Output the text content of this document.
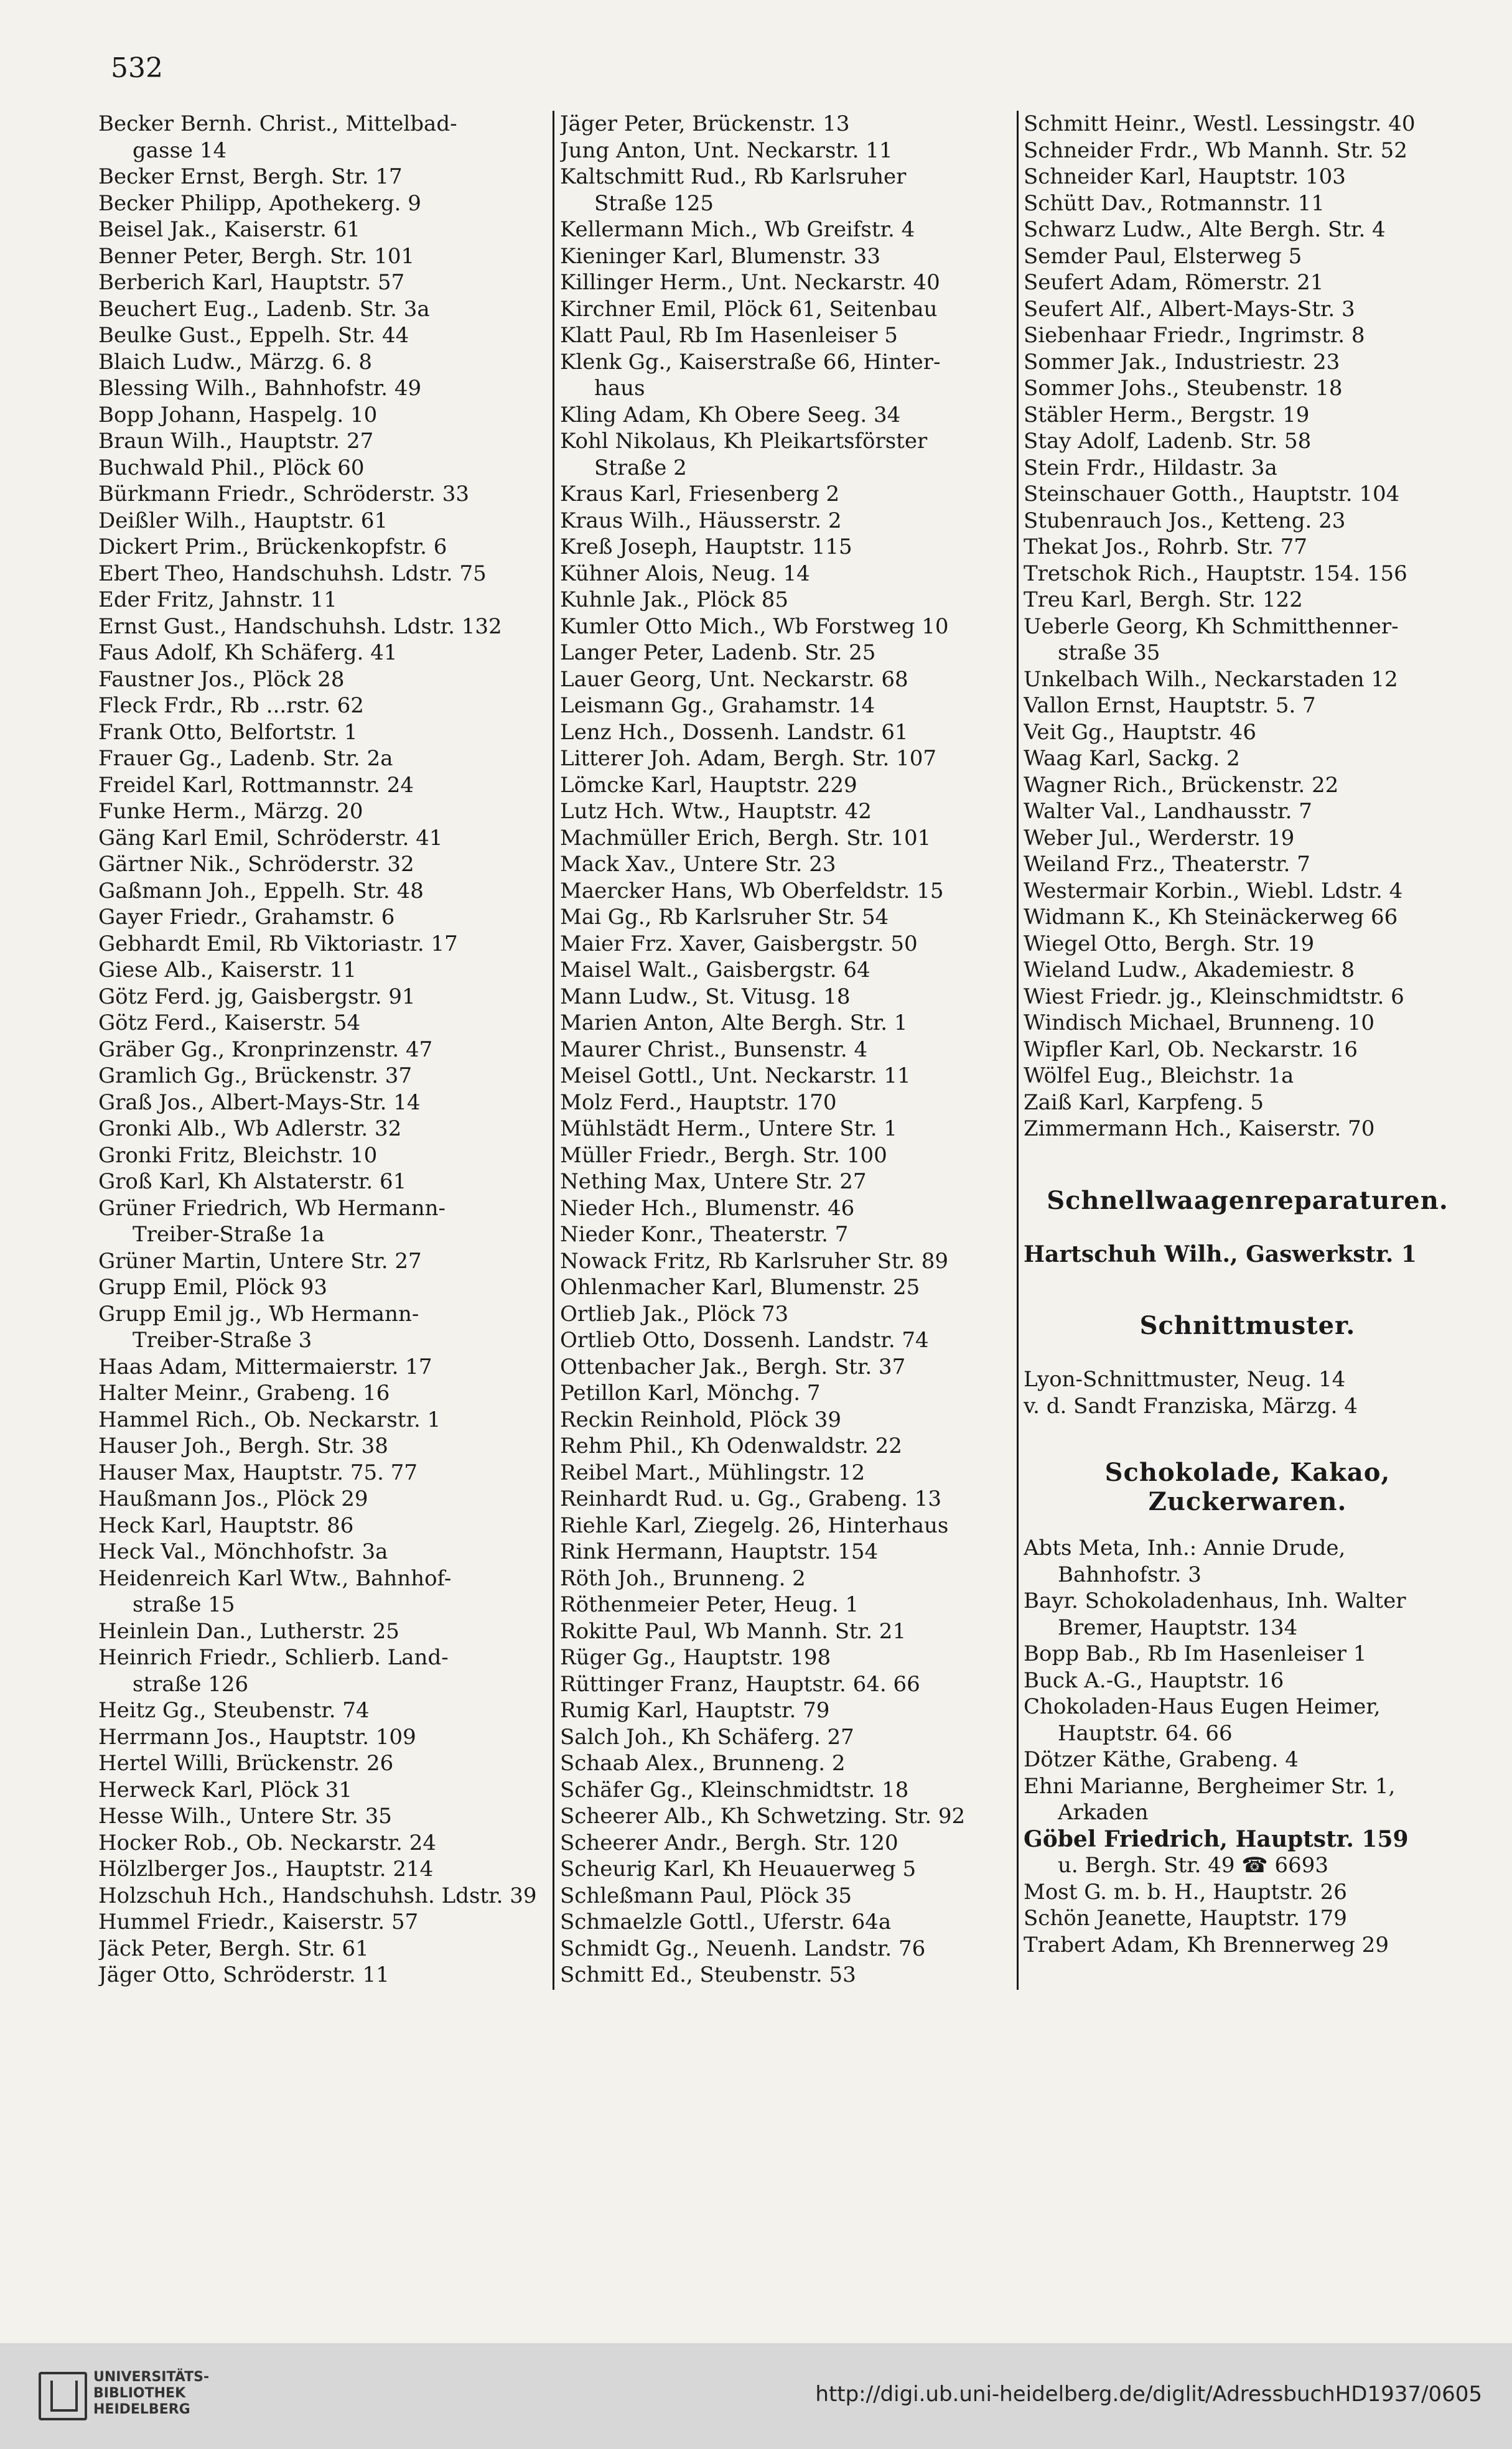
532
Becker Bernh. Christ., Mittelbad-
gasse 14
Becker Ernst, Bergh. Str. 17
Becker Philipp, Apothekerg. 9
Beisel Jak., Kaiserstr. 61
Benner Peter, Bergh. Str. 101
Berberich Karl, Hauptstr. 57
Beuchert Eug., Ladenb. Str. 3a
Beulke Gust., Eppelh. Str. 44
Blaich Ludw., Märzg. 6. 8
Blessing Wilh., Bahnhofstr. 49
Bopp Johann, Haspelg. 10
Braun Wilh., Hauptstr. 27
Buchwald Phil., Plöck 60
Bürkmann Friedr., Schröderstr. 33
Deißler Wilh., Hauptstr. 61
Dickert Prim., Brückenkopfstr. 6
Ebert Theo, Handschuhsh. Ldstr. 75
Eder Fritz, Jahnstr. 11
Ernst Gust., Handschuhsh. Ldstr. 132
Faus Adolf, Kh Schäferg. 41
Faustner Jos., Plöck 28
Fleck Frdr., Rb ...rstr. 62
Frank Otto, Belfortstr. 1
Frauer Gg., Ladenb. Str. 2a
Freidel Karl, Rottmannstr. 24
Funke Herm., Märzg. 20
Gäng Karl Emil, Schröderstr. 41
Gärtner Nik., Schröderstr. 32
Gaßmann Joh., Eppelh. Str. 48
Gayer Friedr., Grahamstr. 6
Gebhardt Emil, Rb Viktoriastr. 17
Giese Alb., Kaiserstr. 11
Götz Ferd. jg, Gaisbergstr. 91
Götz Ferd., Kaiserstr. 54
Gräber Gg., Kronprinzenstr. 47
Gramlich Gg., Brückenstr. 37
Graß Jos., Albert-Mays-Str. 14
Gronki Alb., Wb Adlerstr. 32
Gronki Fritz, Bleichstr. 10
Groß Karl, Kh Alstaterstr. 61
Grüner Friedrich, Wb Hermann-
Treiber-Straße 1a
Grüner Martin, Untere Str. 27
Grupp Emil, Plöck 93
Grupp Emil jg., Wb Hermann-
Treiber-Straße 3
Haas Adam, Mittermaierstr. 17
Halter Meinr., Grabeng. 16
Hammel Rich., Ob. Neckarstr. 1
Hauser Joh., Bergh. Str. 38
Hauser Max, Hauptstr. 75. 77
Haußmann Jos., Plöck 29
Heck Karl, Hauptstr. 86
Heck Val., Mönchhofstr. 3a
Heidenreich Karl Wtw., Bahnhof-
straße 15
Heinlein Dan., Lutherstr. 25
Heinrich Friedr., Schlierb. Land-
straße 126
Heitz Gg., Steubenstr. 74
Herrmann Jos., Hauptstr. 109
Hertel Willi, Brückenstr. 26
Herweck Karl, Plöck 31
Hesse Wilh., Untere Str. 35
Hocker Rob., Ob. Neckarstr. 24
Hölzlberger Jos., Hauptstr. 214
Holzschuh Hch., Handschuhsh. Ldstr. 39
Hummel Friedr., Kaiserstr. 57
Jäck Peter, Bergh. Str. 61
Jäger Otto, Schröderstr. 11
Jäger Peter, Brückenstr. 13
Jung Anton, Unt. Neckarstr. 11
Kaltschmitt Rud., Rb Karlsruher
Straße 125
Kellermann Mich., Wb Greifstr. 4
Kieninger Karl, Blumenstr. 33
Killinger Herm., Unt. Neckarstr. 40
Kirchner Emil, Plöck 61, Seitenbau
Klatt Paul, Rb Im Hasenleiser 5
Klenk Gg., Kaiserstraße 66, Hinter-
haus
Kling Adam, Kh Obere Seeg. 34
Kohl Nikolaus, Kh Pleikartsförster
Straße 2
Kraus Karl, Friesenberg 2
Kraus Wilh., Häusserstr. 2
Kreß Joseph, Hauptstr. 115
Kühner Alois, Neug. 14
Kuhnle Jak., Plöck 85
Kumler Otto Mich., Wb Forstweg 10
Langer Peter, Ladenb. Str. 25
Lauer Georg, Unt. Neckarstr. 68
Leismann Gg., Grahamstr. 14
Lenz Hch., Dossenh. Landstr. 61
Litterer Joh. Adam, Bergh. Str. 107
Lömcke Karl, Hauptstr. 229
Lutz Hch. Wtw., Hauptstr. 42
Machmüller Erich, Bergh. Str. 101
Mack Xav., Untere Str. 23
Maercker Hans, Wb Oberfeldstr. 15
Mai Gg., Rb Karlsruher Str. 54
Maier Frz. Xaver, Gaisbergstr. 50
Maisel Walt., Gaisbergstr. 64
Mann Ludw., St. Vitusg. 18
Marien Anton, Alte Bergh. Str. 1
Maurer Christ., Bunsenstr. 4
Meisel Gottl., Unt. Neckarstr. 11
Molz Ferd., Hauptstr. 170
Mühlstädt Herm., Untere Str. 1
Müller Friedr., Bergh. Str. 100
Nething Max, Untere Str. 27
Nieder Hch., Blumenstr. 46
Nieder Konr., Theaterstr. 7
Nowack Fritz, Rb Karlsruher Str. 89
Ohlenmacher Karl, Blumenstr. 25
Ortlieb Jak., Plöck 73
Ortlieb Otto, Dossenh. Landstr. 74
Ottenbacher Jak., Bergh. Str. 37
Petillon Karl, Mönchg. 7
Reckin Reinhold, Plöck 39
Rehm Phil., Kh Odenwaldstr. 22
Reibel Mart., Mühlingstr. 12
Reinhardt Rud. u. Gg., Grabeng. 13
Riehle Karl, Ziegelg. 26, Hinterhaus
Rink Hermann, Hauptstr. 154
Röth Joh., Brunneng. 2
Röthenmeier Peter, Heug. 1
Rokitte Paul, Wb Mannh. Str. 21
Rüger Gg., Hauptstr. 198
Rüttinger Franz, Hauptstr. 64. 66
Rumig Karl, Hauptstr. 79
Salch Joh., Kh Schäferg. 27
Schaab Alex., Brunneng. 2
Schäfer Gg., Kleinschmidtstr. 18
Scheerer Alb., Kh Schwetzing. Str. 92
Scheerer Andr., Bergh. Str. 120
Scheurig Karl, Kh Heuauerweg 5
Schleßmann Paul, Plöck 35
Schmaelzle Gottl., Uferstr. 64a
Schmidt Gg., Neuenh. Landstr. 76
Schmitt Ed., Steubenstr. 53
Schmitt Heinr., Westl. Lessingstr. 40
Schneider Frdr., Wb Mannh. Str. 52
Schneider Karl, Hauptstr. 103
Schütt Dav., Rotmannstr. 11
Schwarz Ludw., Alte Bergh. Str. 4
Semder Paul, Elsterweg 5
Seufert Adam, Römerstr. 21
Seufert Alf., Albert-Mays-Str. 3
Siebenhaar Friedr., Ingrimstr. 8
Sommer Jak., Industriestr. 23
Sommer Johs., Steubenstr. 18
Stäbler Herm., Bergstr. 19
Stay Adolf, Ladenb. Str. 58
Stein Frdr., Hildastr. 3a
Steinschauer Gotth., Hauptstr. 104
Stubenrauch Jos., Ketteng. 23
Thekat Jos., Rohrb. Str. 77
Tretschok Rich., Hauptstr. 154. 156
Treu Karl, Bergh. Str. 122
Ueberle Georg, Kh Schmitthenner-
straße 35
Unkelbach Wilh., Neckarstaden 12
Vallon Ernst, Hauptstr. 5. 7
Veit Gg., Hauptstr. 46
Waag Karl, Sackg. 2
Wagner Rich., Brückenstr. 22
Walter Val., Landhausstr. 7
Weber Jul., Werderstr. 19
Weiland Frz., Theaterstr. 7
Westermair Korbin., Wiebl. Ldstr. 4
Widmann K., Kh Steinäckerweg 66
Wiegel Otto, Bergh. Str. 19
Wieland Ludw., Akademiestr. 8
Wiest Friedr. jg., Kleinschmidtstr. 6
Windisch Michael, Brunneng. 10
Wipfler Karl, Ob. Neckarstr. 16
Wölfel Eug., Bleichstr. 1a
Zaiß Karl, Karpfeng. 5
Zimmermann Hch., Kaiserstr. 70
Schnellwaagenreparaturen.
Hartschuh Wilh., Gaswerkstr. 1
Schnittmuster.
Lyon-Schnittmuster, Neug. 14
v. d. Sandt Franziska, Märzg. 4
Schokolade, Kakao, Zuckerwaren.
Abts Meta, Inh.: Annie Drude,
Bahnhofstr. 3
Bayr. Schokoladenhaus, Inh. Walter
Bremer, Hauptstr. 134
Bopp Bab., Rb Im Hasenleiser 1
Buck A.-G., Hauptstr. 16
Chokoladen-Haus Eugen Heimer,
Hauptstr. 64. 66
Dötzer Käthe, Grabeng. 4
Ehni Marianne, Bergheimer Str. 1,
Arkaden
Göbel Friedrich, Hauptstr. 159
u. Bergh. Str. 49 ☎ 6693
Most G. m. b. H., Hauptstr. 26
Schön Jeanette, Hauptstr. 179
Trabert Adam, Kh Brennerweg 29
UNIVERSITÄTS-
BIBLIOTHEK
HEIDELBERG
http://digi.ub.uni-heidelberg.de/diglit/AdressbuchHD1937/0605
